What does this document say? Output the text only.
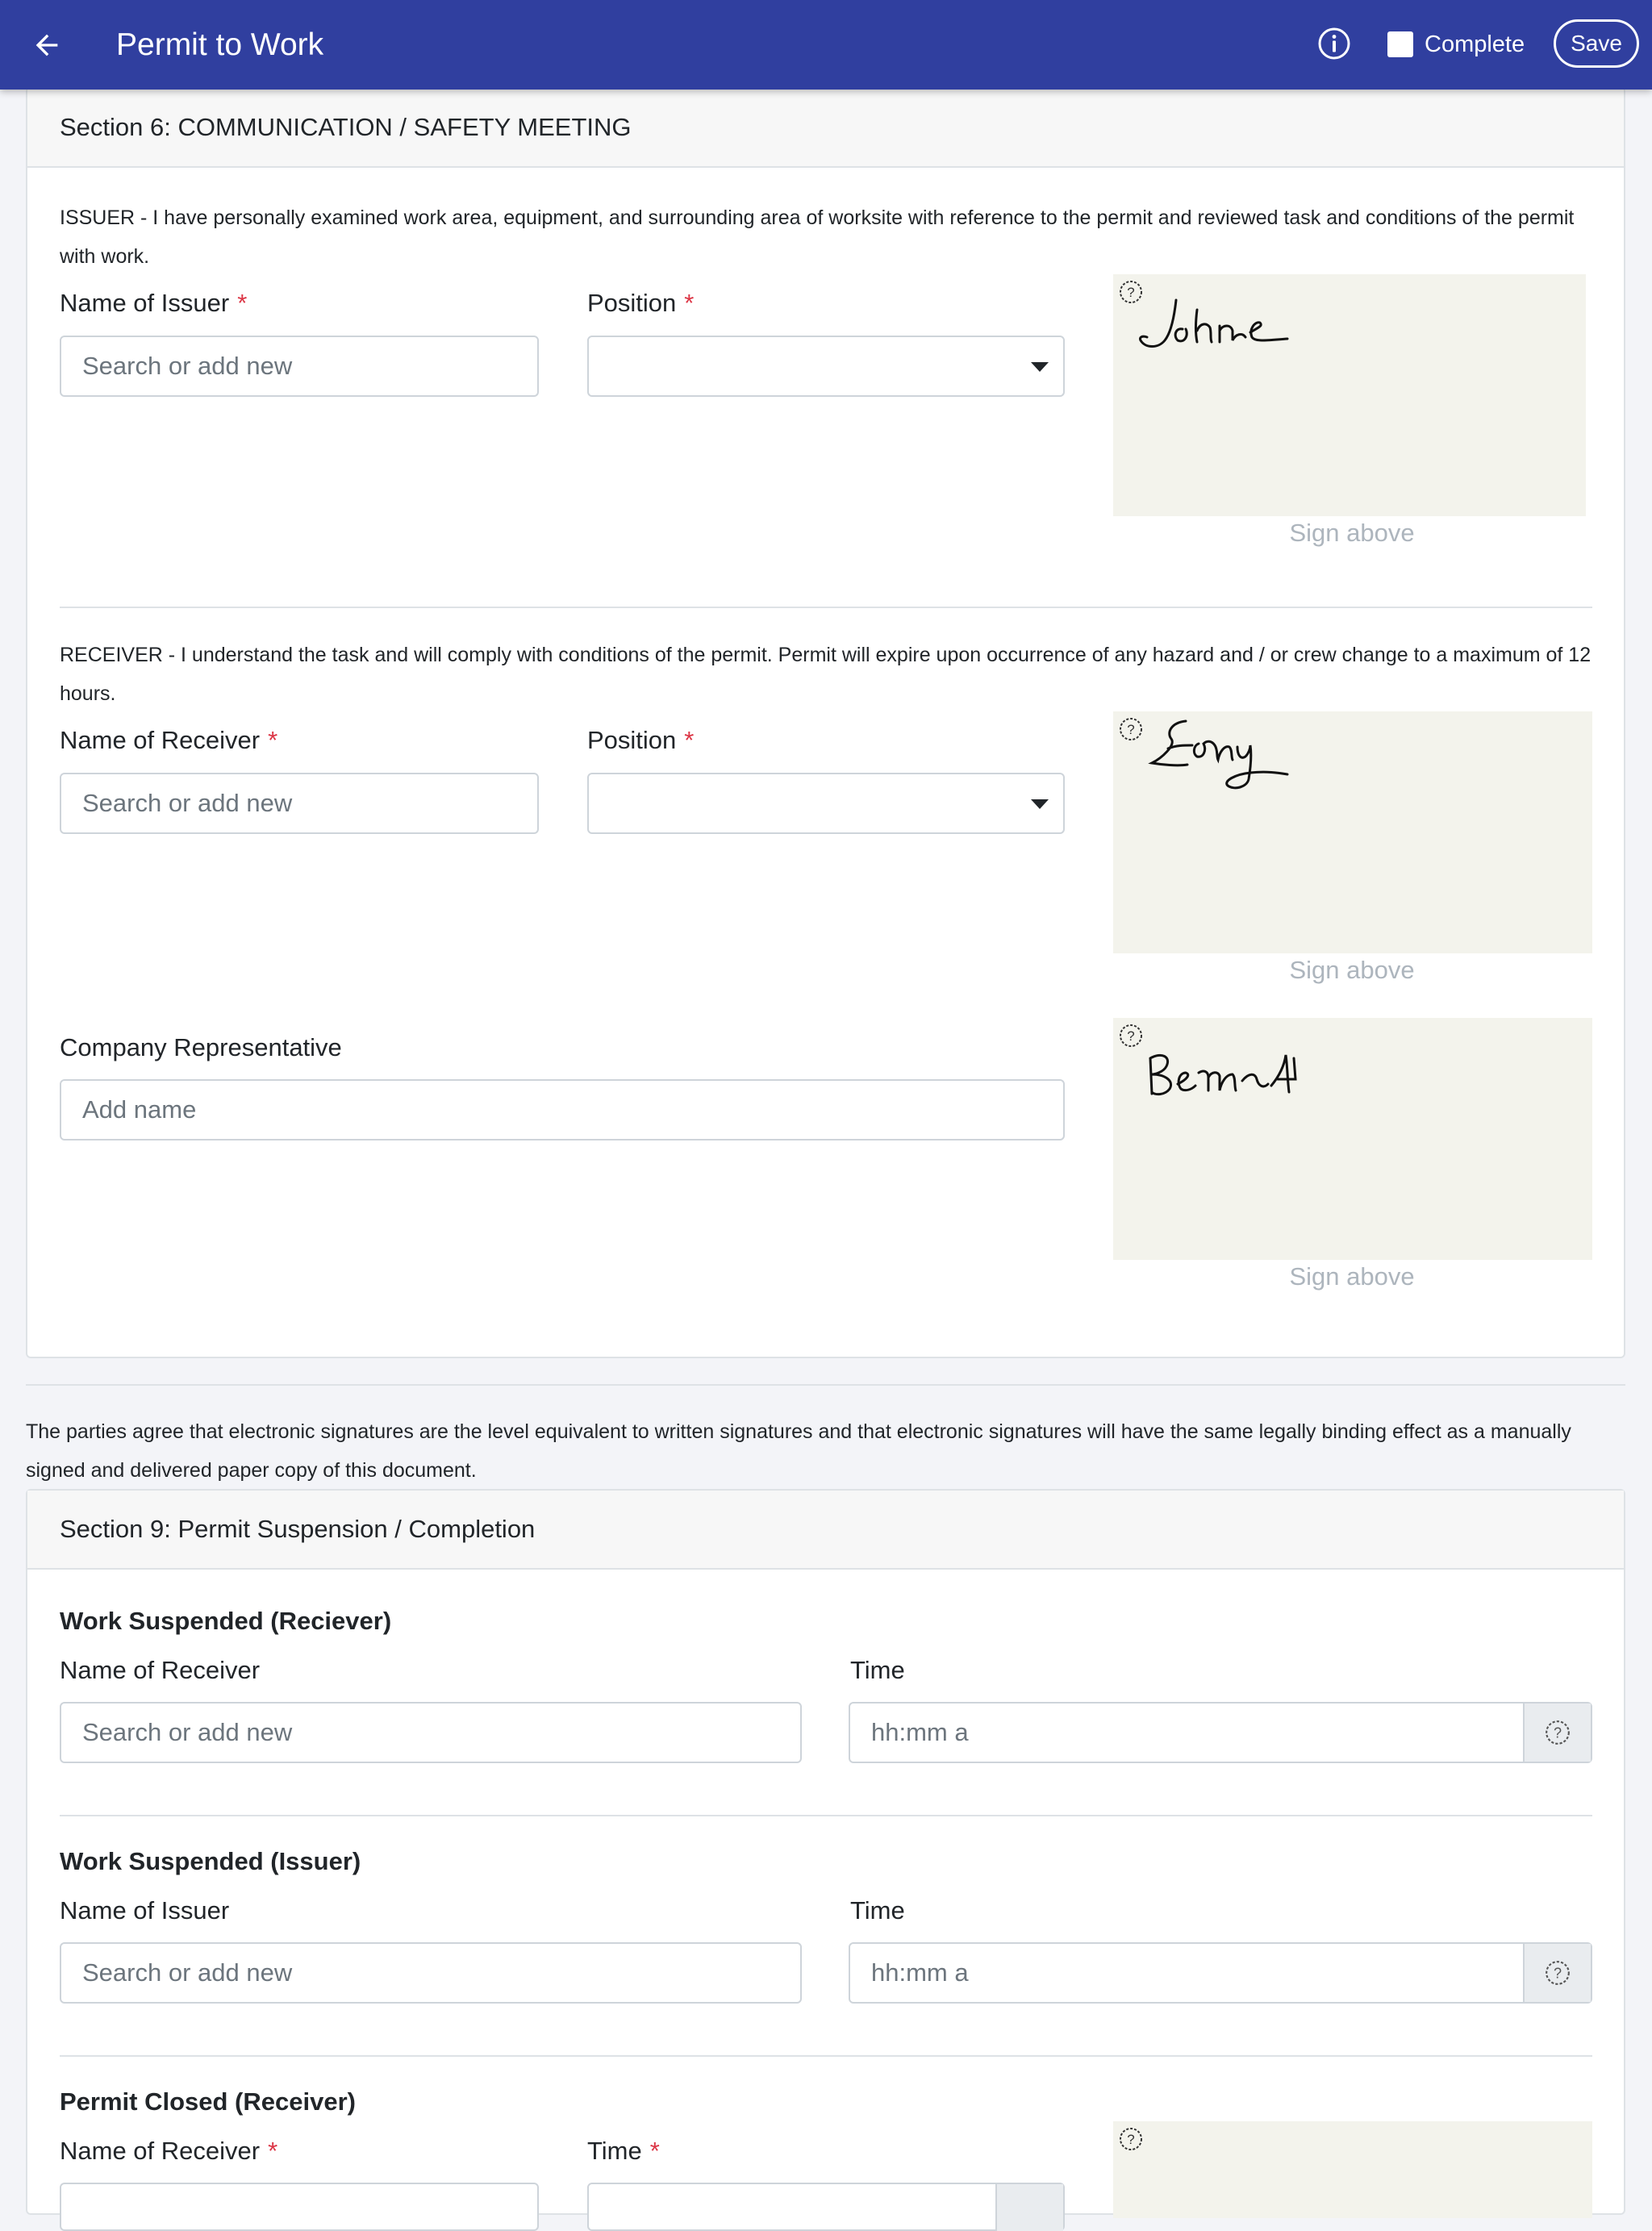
Permit to Work	Complete	Save
Section 6: COMMUNICATION / SAFETY MEETING
ISSUER - I have personally examined work area, equipment, and surrounding area of worksite with reference to the permit and reviewed task and conditions of the permit with work.
Name of Issuer *
Search or add new
Position *	?
Sign above
RECEIVER - I understand the task and will comply with conditions of the permit. Permit will expire upon occurrence of any hazard and / or crew change to a maximum of 12 hours.
Name of Receiver *
Search or add new
Position *	?
Sign above
Company Representative
Add name
?
Sign above
The parties agree that electronic signatures are the level equivalent to written signatures and that electronic signatures will have the same legally binding effect as a manually signed and delivered paper copy of this document.
Section 9: Permit Suspension / Completion
Work Suspended (Reciever)
Name of Receiver
Search or add new
Time
hh:mm a	?
Work Suspended (Issuer)
Name of Issuer
Search or add new
Time
hh:mm a	?
Permit Closed (Receiver)
Name of Receiver *	Time *	?
